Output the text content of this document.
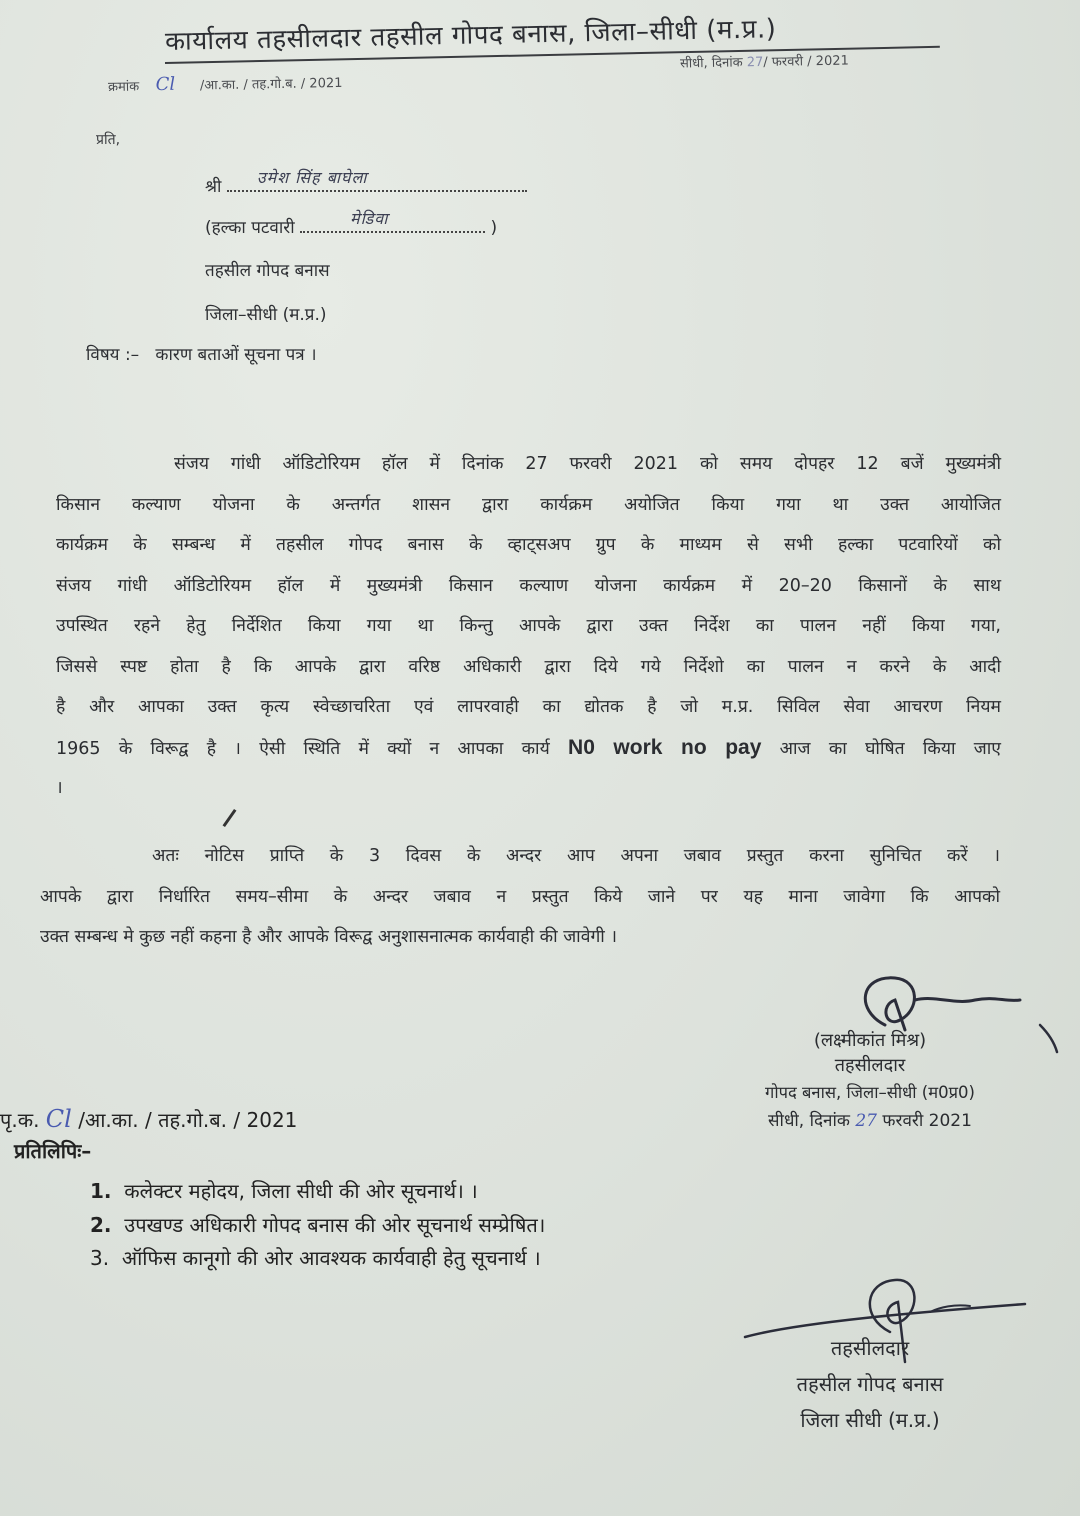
कार्यालय तहसीलदार तहसील गोपद बनास, जिला–सीधी (म.प्र.)
क्रमांक Cl /आ.का. / तह.गो.ब. / 2021
सीधी, दिनांक 27/ फरवरी / 2021
प्रति,
श्री उमेश सिंह बाघेला
(हल्का पटवारी	मेडिवा	)
तहसील गोपद बनास
जिला–सीधी (म.प्र.)
विषय :– कारण बताओं सूचना पत्र ।
संजय गांधी ऑडिटोरियम हॉल में दिनांक 27 फरवरी 2021 को समय दोपहर 12 बजें मुख्यमंत्री
किसान कल्याण योजना के अन्तर्गत शासन द्वारा कार्यक्रम अयोजित किया गया था उक्त आयोजित
कार्यक्रम के सम्बन्ध में तहसील गोपद बनास के व्हाट्सअप ग्रुप के माध्यम से सभी हल्का पटवारियों को
संजय गांधी ऑडिटोरियम हॉल में मुख्यमंत्री किसान कल्याण योजना कार्यक्रम में 20–20 किसानों के साथ
उपस्थित रहने हेतु निर्देशित किया गया था किन्तु आपके द्वारा उक्त निर्देश का पालन नहीं किया गया,
जिससे स्पष्ट होता है कि आपके द्वारा वरिष्ठ अधिकारी द्वारा दिये गये निर्देशो का पालन न करने के आदी
है और आपका उक्त कृत्य स्वेच्छाचरिता एवं लापरवाही का द्योतक है जो म.प्र. सिविल सेवा आचरण नियम
1965 के विरूद्व है । ऐसी स्थिति में क्यों न आपका कार्य N0 work no pay आज का घोषित किया जाए
।
अतः नोटिस प्राप्ति के 3 दिवस के अन्दर आप अपना जबाव प्रस्तुत करना सुनिचित करें ।
आपके द्वारा निर्धारित समय–सीमा के अन्दर जबाव न प्रस्तुत किये जाने पर यह माना जावेगा कि आपको
उक्त सम्बन्ध मे कुछ नहीं कहना है और आपके विरूद्व अनुशासनात्मक कार्यवाही की जावेगी ।
(लक्ष्मीकांत मिश्र)
तहसीलदार
गोपद बनास, जिला–सीधी (म0प्र0)
सीधी, दिनांक 27 फरवरी 2021
पृ.क. Cl /आ.का. / तह.गो.ब. / 2021
प्रतिलिपिः–
1. कलेक्टर महोदय, जिला सीधी की ओर सूचनार्थ। ।
2. उपखण्ड अधिकारी गोपद बनास की ओर सूचनार्थ सम्प्रेषित।
3. ऑफिस कानूगो की ओर आवश्यक कार्यवाही हेतु सूचनार्थ ।
तहसीलदार
तहसील गोपद बनास
जिला सीधी (म.प्र.)
